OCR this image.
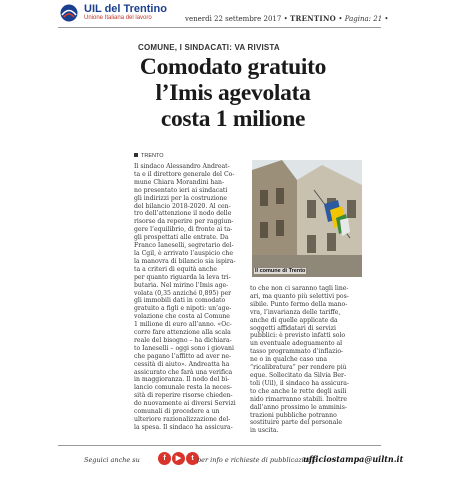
UIL del Trentino
Unione Italiana del lavoro	venerdì 22 settembre 2017 • TRENTINO • Pagina: 21 •
COMUNE, I SINDACATI: VA RIVISTA
Comodato gratuito
l’Imis agevolata
costa 1 milione
TRENTO
Il sindaco Alessandro Andreat-
ta e il direttore generale del Co-
mune Chiara Morandini han-
no presentato ieri ai sindacati
gli indirizzi per la costruzione
del bilancio 2018-2020. Al cen-
tro dell’attenzione il nodo delle
risorse da reperire per raggiun-
gere l’equilibrio, di fronte ai ta-
gli prospettati alle entrate. Da
Franco Ianeselli, segretario del-
la Cgil, è arrivato l’auspicio che
la manovra di bilancio sia ispira-
ta a criteri di equità anche
per quanto riguarda la leva tri-
butaria. Nel mirino l’Imis age-
volata (0,35 anziché 0,895) per
gli immobili dati in comodato
gratuito a figli e nipoti: un’age-
volazione che costa al Comune
1 milione di euro all’anno. «Oc-
corre fare attenzione alla scala
reale del bisogno – ha dichiara-
to Ianeselli – oggi sono i giovani
che pagano l’affitto ad aver ne-
cessità di aiuto». Andreatta ha
assicurato che farà una verifica
in maggioranza. Il nodo del bi-
lancio comunale resta la neces-
sità di reperire risorse chieden-
do nuovamente ai diversi Servizi
comunali di procedere a un
ulteriore razionalizzazione del-
la spesa. Il sindaco ha assicura-
Il comune di Trento
to che non ci saranno tagli line-
ari, ma quanto più selettivi pos-
sibile. Punto fermo della mano-
vra, l’invarianza delle tariffe,
anche di quelle applicate da
soggetti affidatari di servizi
pubblici: è previsto infatti solo
un eventuale adeguamento al
tasso programmato d’inflazio-
ne o in qualche caso una
“ricalibratura” per rendere più
eque. Sollecitato da Silvia Ber-
toli (Uil), il sindaco ha assicura-
to che anche le rette degli asili
nido rimarranno stabili. Inoltre
dall’anno prossimo le amminis-
trazioni pubbliche potranno
sostituire parte del personale
in uscita.
Seguici anche su	f	▶	t per info e richieste di pubblicazioni:
ufficiostampa@uiltn.it
